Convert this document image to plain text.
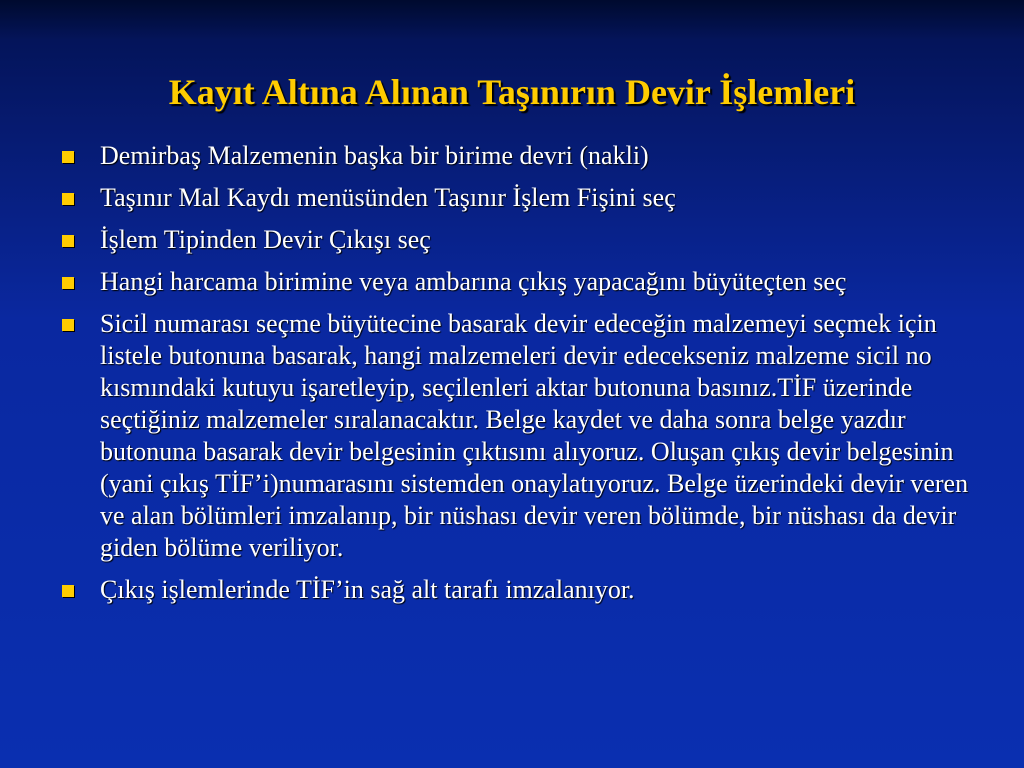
Kayıt Altına Alınan Taşınırın Devir İşlemleri
Demirbaş Malzemenin başka bir birime devri (nakli)
Taşınır Mal Kaydı menüsünden Taşınır İşlem Fişini seç
İşlem Tipinden Devir Çıkışı seç
Hangi harcama birimine veya ambarına çıkış yapacağını büyüteçten seç
Sicil numarası seçme büyütecine basarak devir edeceğin malzemeyi seçmek için listele butonuna basarak, hangi malzemeleri devir edecekseniz malzeme sicil no kısmındaki kutuyu işaretleyip, seçilenleri aktar butonuna basınız.TİF üzerinde seçtiğiniz malzemeler sıralanacaktır. Belge kaydet ve daha sonra belge yazdır butonuna basarak devir belgesinin çıktısını alıyoruz. Oluşan çıkış devir belgesinin (yani çıkış TİF’i)numarasını sistemden onaylatıyoruz. Belge üzerindeki devir veren ve alan bölümleri imzalanıp, bir nüshası devir veren bölümde, bir nüshası da devir giden bölüme veriliyor.
Çıkış işlemlerinde TİF’in sağ alt tarafı imzalanıyor.
